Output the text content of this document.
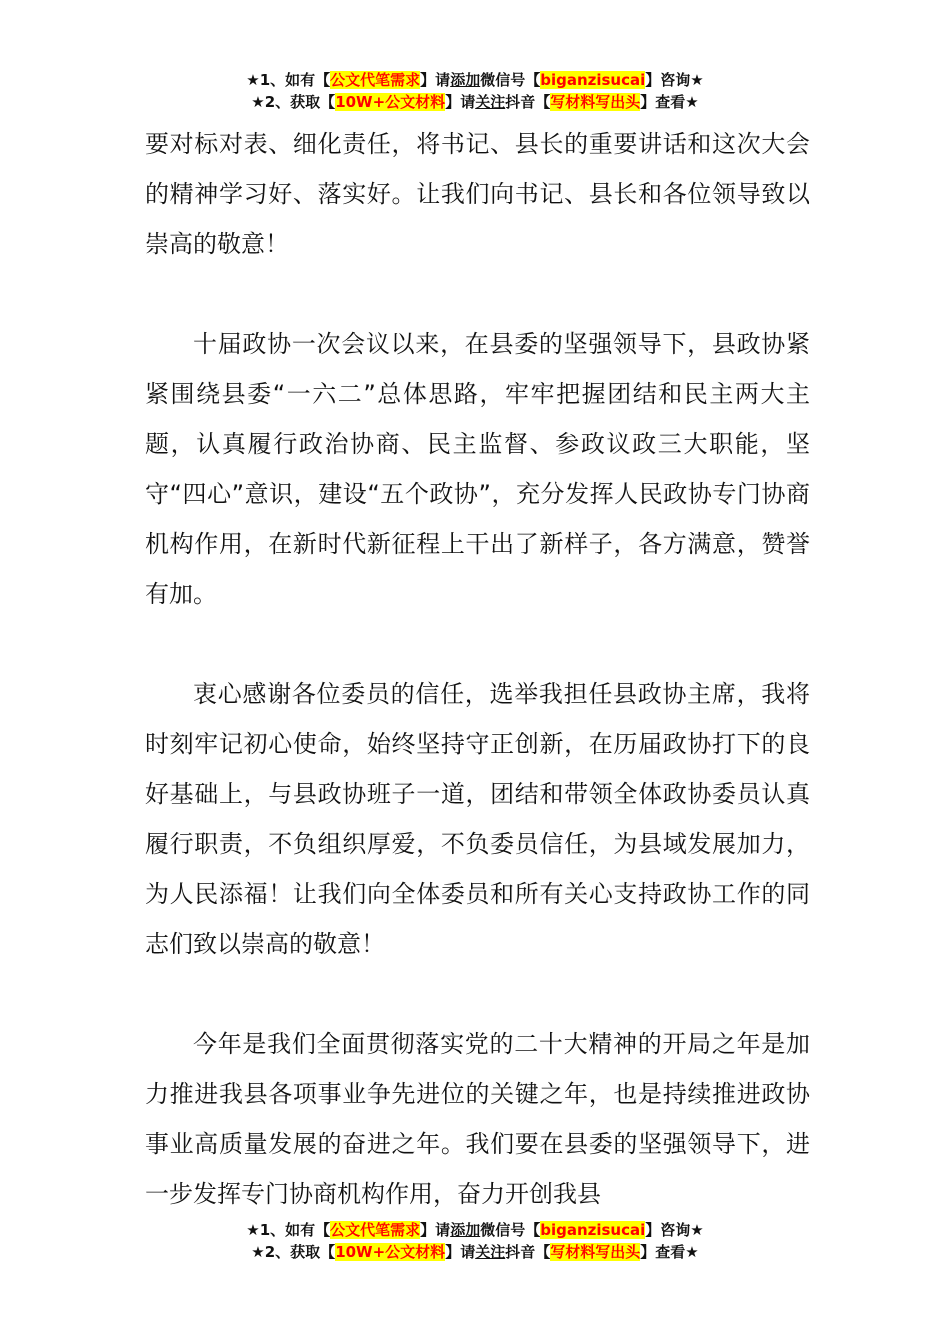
★1、如有【公文代笔需求】请添加微信号【biganzisucai】咨询★
★2、获取【10W+公文材料】请关注抖音【写材料写出头】查看★

要对标对表、细化责任，将书记、县长的重要讲话和这次大会的精神学习好、落实好。让我们向书记、县长和各位领导致以崇高的敬意！

十届政协一次会议以来，在县委的坚强领导下，县政协紧紧围绕县委“一六二”总体思路，牢牢把握团结和民主两大主题，认真履行政治协商、民主监督、参政议政三大职能，坚守“四心”意识，建设“五个政协”，充分发挥人民政协专门协商机构作用，在新时代新征程上干出了新样子，各方满意，赞誉有加。

衷心感谢各位委员的信任，选举我担任县政协主席，我将时刻牢记初心使命，始终坚持守正创新，在历届政协打下的良好基础上，与县政协班子一道，团结和带领全体政协委员认真履行职责，不负组织厚爱，不负委员信任，为县域发展加力，为人民添福！让我们向全体委员和所有关心支持政协工作的同志们致以崇高的敬意！

今年是我们全面贯彻落实党的二十大精神的开局之年是加力推进我县各项事业争先进位的关键之年，也是持续推进政协事业高质量发展的奋进之年。我们要在县委的坚强领导下，进一步发挥专门协商机构作用，奋力开创我县

★1、如有【公文代笔需求】请添加微信号【biganzisucai】咨询★
★2、获取【10W+公文材料】请关注抖音【写材料写出头】查看★
